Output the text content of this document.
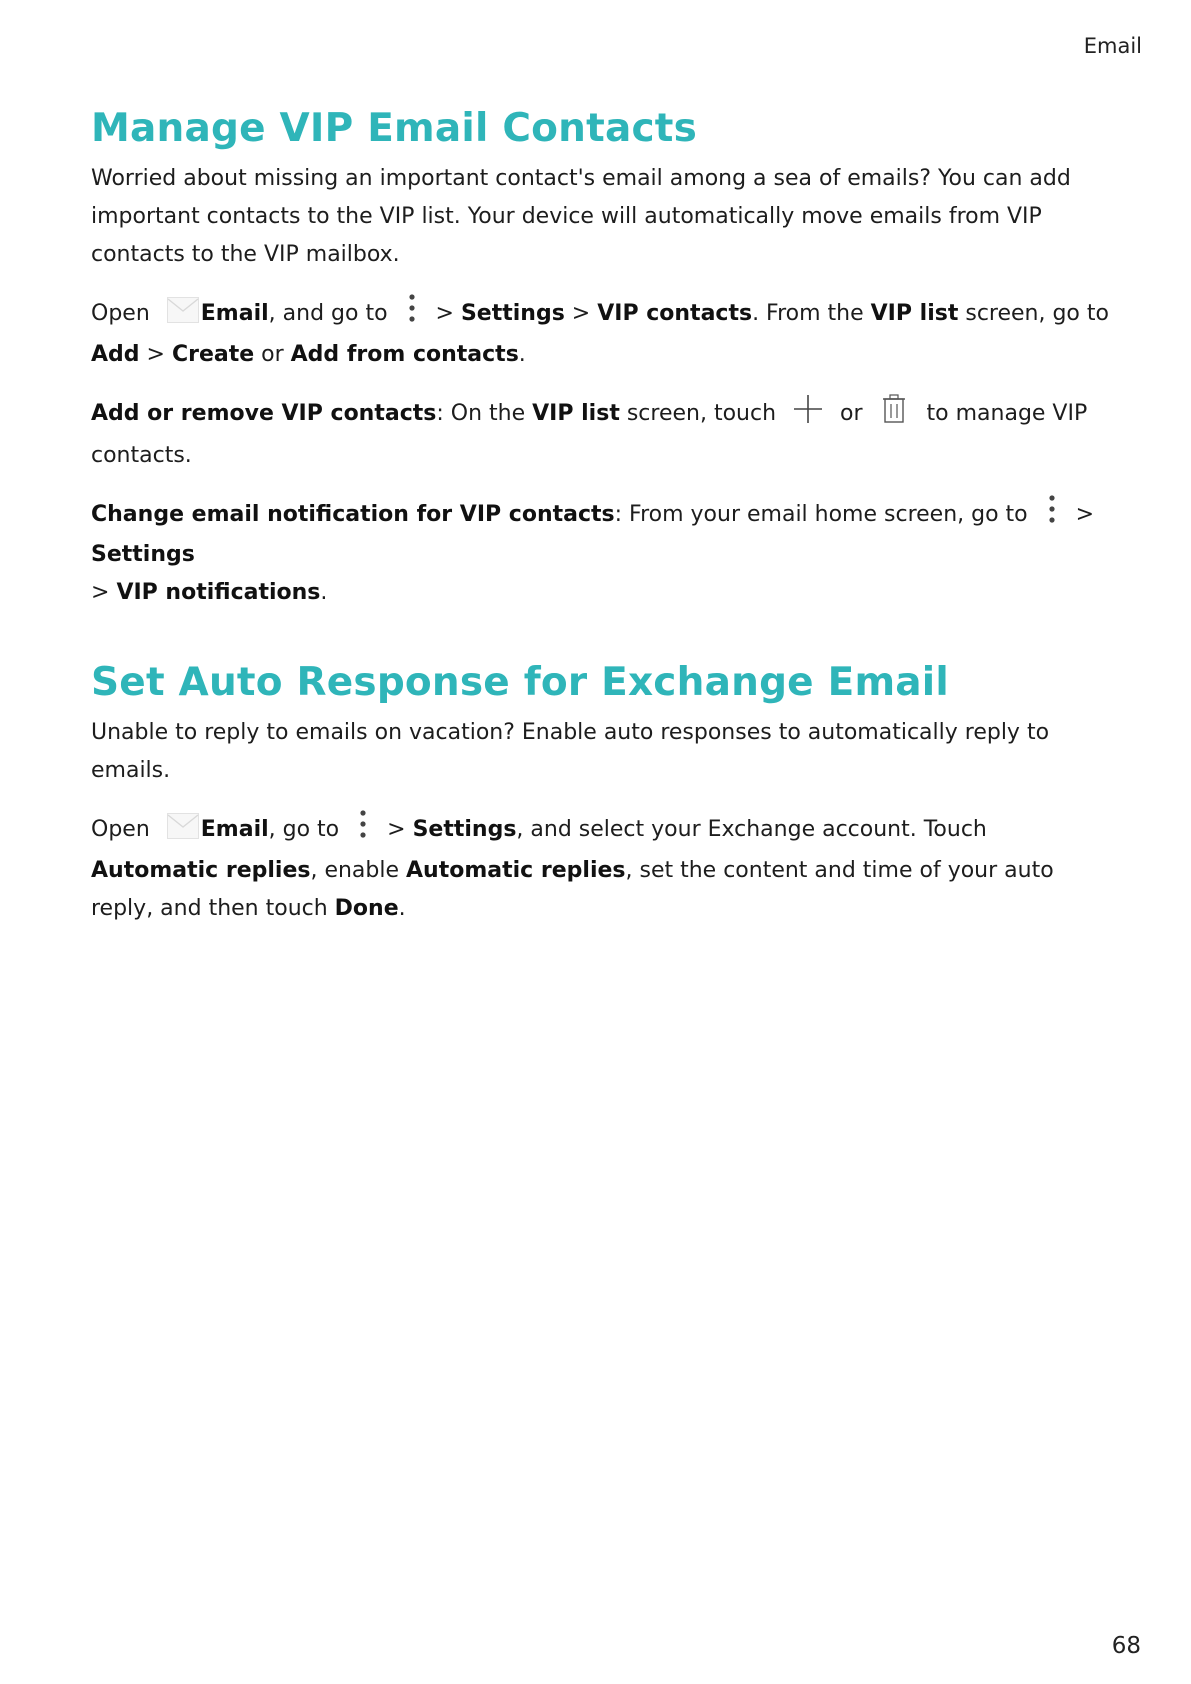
Email
Manage VIP Email Contacts

Worried about missing an important contact's email among a sea of emails? You can add important contacts to the VIP list. Your device will automatically move emails from VIP contacts to the VIP mailbox.

Open Email, and go to  > Settings > VIP contacts. From the VIP list screen, go to Add > Create or Add from contacts.

Add or remove VIP contacts: On the VIP list screen, touch  or  to manage VIP contacts.

Change email notification for VIP contacts: From your email home screen, go to  > Settings
> VIP notifications.

Set Auto Response for Exchange Email

Unable to reply to emails on vacation? Enable auto responses to automatically reply to emails.

Open Email, go to  > Settings, and select your Exchange account. Touch Automatic replies, enable Automatic replies, set the content and time of your auto reply, and then touch Done.

68
